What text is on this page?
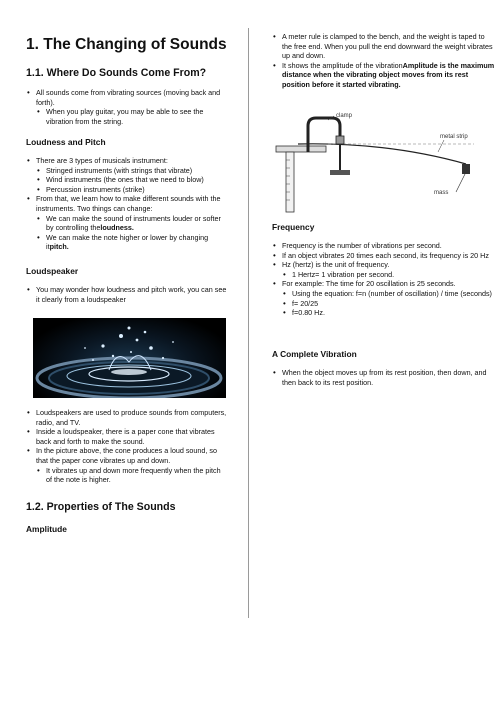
1. The Changing of Sounds
1.1. Where Do Sounds Come From?
• All sounds come from vibrating sources (moving back and forth).
• When you play guitar, you may be able to see the vibration from the string.
Loudness and Pitch
• There are 3 types of musicals instrument:
• Stringed instruments (with strings that vibrate)
• Wind instruments (the ones that we need to blow)
• Percussion instruments (strike)
• From that, we learn how to make different sounds with the instruments. Two things can change:
• We can make the sound of instruments louder or softer by controlling theloudness.
• We can make the note higher or lower by changing itpitch.
Loudspeaker
• You may wonder how loudness and pitch work, you can see it clearly from a loudspeaker
• Loudspeakers are used to produce sounds from computers, radio, and TV.
• Inside a loudspeaker, there is a paper cone that vibrates back and forth to make the sound.
• In the picture above, the cone produces a loud sound, so that the paper cone vibrates up and down.
• It vibrates up and down more frequently when the pitch of the note is higher.
1.2. Properties of The Sounds
Amplitude
• A meter rule is clamped to the bench, and the weight is taped to the free end. When you pull the end downward the weight vibrates up and down.
• It shows the amplitude of the vibrationAmplitude is the maximum distance when the vibrating object moves from its rest position before it started vibrating.
clamp
metal strip
mass
Frequency
• Frequency is the number of vibrations per second.
• If an object vibrates 20 times each second, its frequency is 20 Hz
• Hz (hertz) is the unit of frequency.
• 1 Hertz= 1 vibration per second.
• For example: The time for 20 oscillation is 25 seconds.
• Using the equation: f=n (number of oscillation) / time (seconds)
• f= 20/25
• f=0.80 Hz.
A Complete Vibration
• When the object moves up from its rest position, then down, and then back to its rest position.
